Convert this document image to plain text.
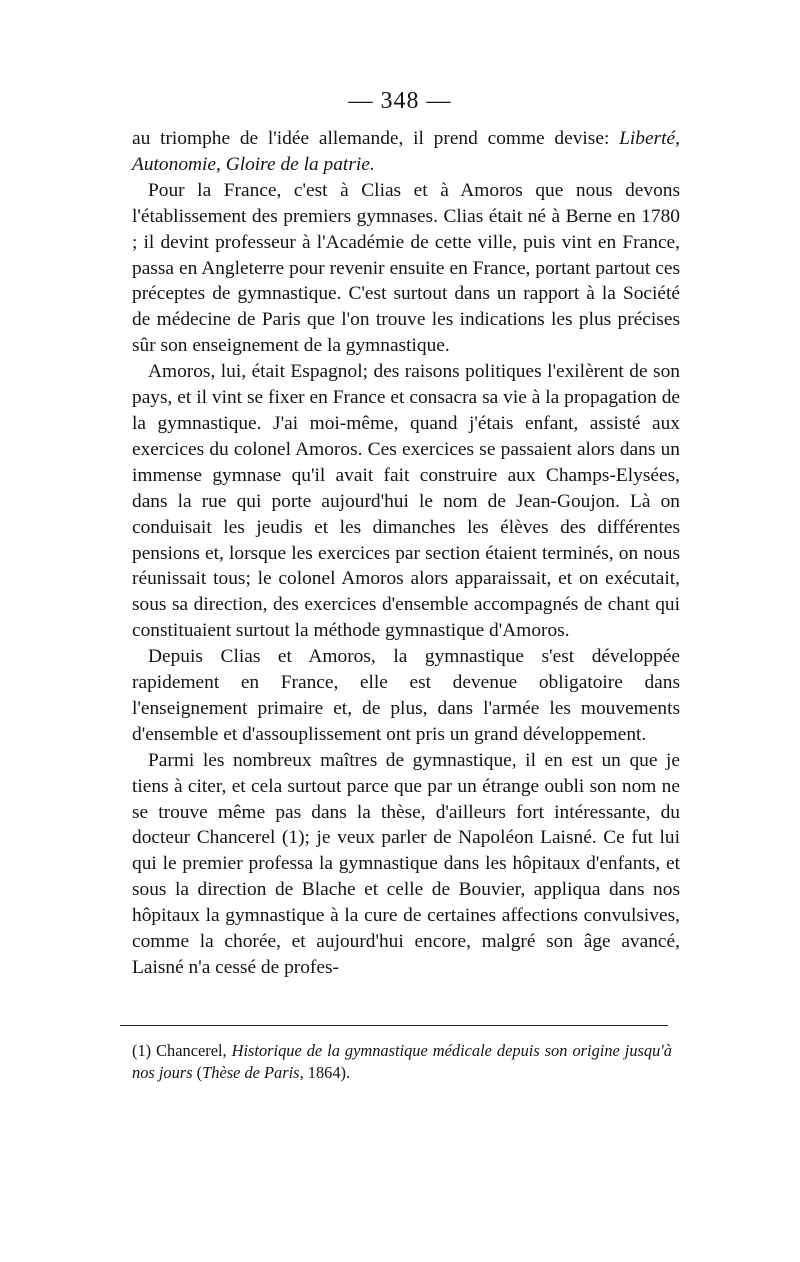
— 348 —

au triomphe de l'idée allemande, il prend comme devise: Liberté, Autonomie, Gloire de la patrie.

Pour la France, c'est à Clias et à Amoros que nous devons l'établissement des premiers gymnases. Clias était né à Berne en 1780 ; il devint professeur à l'Académie de cette ville, puis vint en France, passa en Angleterre pour revenir ensuite en France, portant partout ces préceptes de gymnastique. C'est surtout dans un rapport à la Société de médecine de Paris que l'on trouve les indications les plus précises sûr son enseignement de la gymnastique.

Amoros, lui, était Espagnol; des raisons politiques l'exilèrent de son pays, et il vint se fixer en France et consacra sa vie à la propagation de la gymnastique. J'ai moi-même, quand j'étais enfant, assisté aux exercices du colonel Amoros. Ces exercices se passaient alors dans un immense gymnase qu'il avait fait construire aux Champs-Elysées, dans la rue qui porte aujourd'hui le nom de Jean-Goujon. Là on conduisait les jeudis et les dimanches les élèves des différentes pensions et, lorsque les exercices par section étaient terminés, on nous réunissait tous; le colonel Amoros alors apparaissait, et on exécutait, sous sa direction, des exercices d'ensemble accompagnés de chant qui constituaient surtout la méthode gymnastique d'Amoros.

Depuis Clias et Amoros, la gymnastique s'est développée rapidement en France, elle est devenue obligatoire dans l'enseignement primaire et, de plus, dans l'armée les mouvements d'ensemble et d'assouplissement ont pris un grand développement.

Parmi les nombreux maîtres de gymnastique, il en est un que je tiens à citer, et cela surtout parce que par un étrange oubli son nom ne se trouve même pas dans la thèse, d'ailleurs fort intéressante, du docteur Chancerel (1); je veux parler de Napoléon Laisné. Ce fut lui qui le premier professa la gymnastique dans les hôpitaux d'enfants, et sous la direction de Blache et celle de Bouvier, appliqua dans nos hôpitaux la gymnastique à la cure de certaines affections convulsives, comme la chorée, et aujourd'hui encore, malgré son âge avancé, Laisné n'a cessé de profes-

(1) Chancerel, Historique de la gymnastique médicale depuis son origine jusqu'à nos jours (Thèse de Paris, 1864).
